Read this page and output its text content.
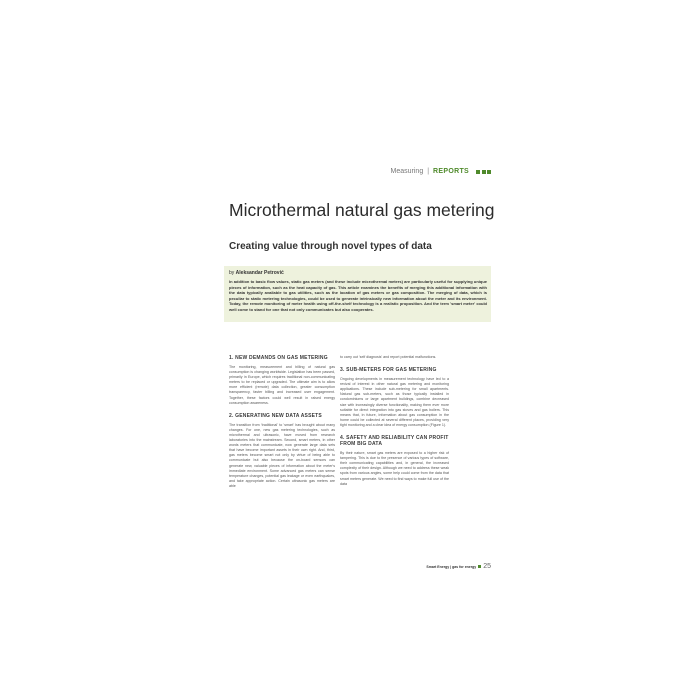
Measuring | REPORTS
Microthermal natural gas metering
Creating value through novel types of data

by Aleksandar Petrović

In addition to basic flow values, static gas meters (and these include microthermal meters) are particularly useful for supplying unique pieces of information, such as the heat capacity of gas. This article examines the benefits of merging this additional information with the data typically available to gas utilities, such as the location of gas meters or gas composition. The merging of data, which is peculiar to static metering technologies, could be used to generate intrinsically new information about the meter and its environment. Today, the remote monitoring of meter health using off-the-shelf technology is a realistic proposition. And the term 'smart meter' could well come to stand for one that not only communicates but also cooperates.

1. NEW DEMANDS ON GAS METERING

The monitoring, measurement and billing of natural gas consumption is changing worldwide. Legislation has been passed, primarily in Europe, which requires traditional non-communicating meters to be replaced or upgraded. The ultimate aim is to allow more efficient (remote) data collection, greater consumption transparency, faster billing and increased user engagement. Together, these factors could well result in raised energy consumption awareness.

2. GENERATING NEW DATA ASSETS

The transition from 'traditional' to 'smart' has brought about many changes. For one, new gas metering technologies, such as microthermal and ultrasonic, have moved from research laboratories into the mainstream. Second, smart meters, in other words meters that communicate, now generate large data sets that have become important assets in their own right. And, third, gas meters become smart not only by virtue of being able to communicate but also because the on-board sensors can generate new, valuable pieces of information about the meter's immediate environment. Some advanced gas meters can sense temperature changes, potential gas leakage or even earthquakes, and take appropriate action. Certain ultrasonic gas meters are able

to carry out 'self diagnosis' and report potential malfunctions.

3. SUB-METERS FOR GAS METERING

Ongoing developments in measurement technology have led to a revival of interest in other natural gas metering and monitoring applications. These include sub-metering for small apartments. Natural gas sub-meters, such as those typically installed in condominiums or large apartment buildings, combine decreased size with increasingly diverse functionality, making them ever more suitable for direct integration into gas stoves and gas boilers. This means that, in future, information about gas consumption in the home could be collected at several different places, providing very tight monitoring and a clear idea of energy consumption (Figure 1).

4. SAFETY AND RELIABILITY CAN PROFIT FROM BIG DATA

By their nature, smart gas meters are exposed to a higher risk of tampering. This is due to the presence of various types of software, their communicating capabilities and, in general, the increased complexity of their design. Although we need to address these weak spots from various angles, some help could come from the data that smart meters generate. We need to find ways to make full use of the data

Smart Energy | gas for energy 25
